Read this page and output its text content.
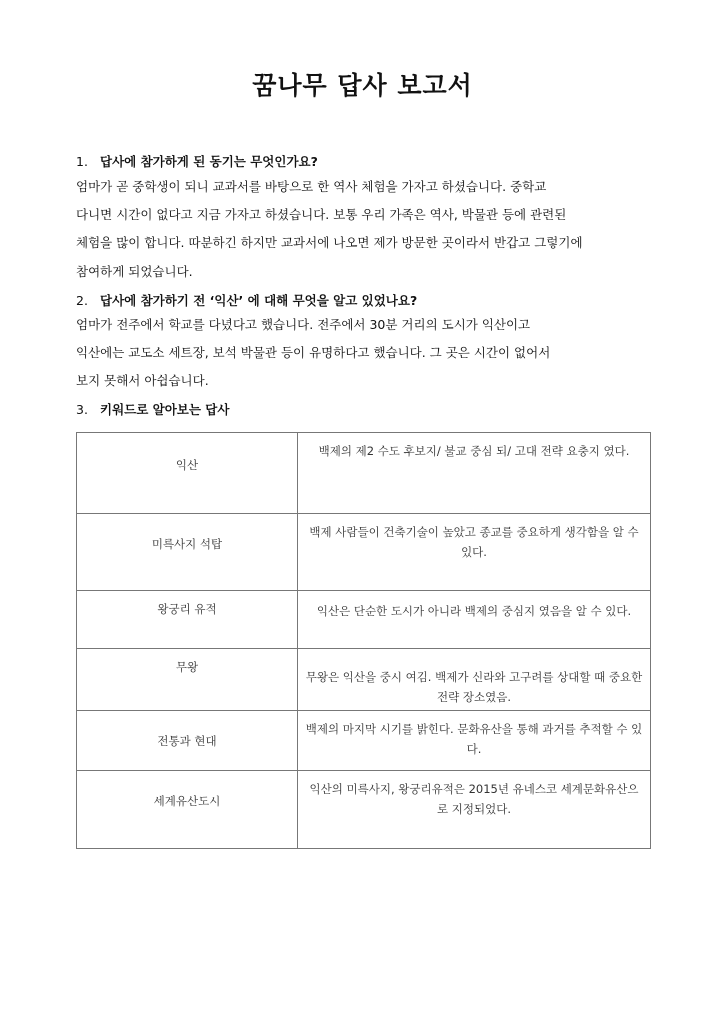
꿈나무 답사 보고서
1. 답사에 참가하게 된 동기는 무엇인가요?
엄마가 곧 중학생이 되니 교과서를 바탕으로 한 역사 체험을 가자고 하셨습니다. 중학교
다니면 시간이 없다고 지금 가자고 하셨습니다. 보통 우리 가족은 역사, 박물관 등에 관련된
체험을 많이 합니다. 따분하긴 하지만 교과서에 나오면 제가 방문한 곳이라서 반갑고 그렇기에
참여하게 되었습니다.
2. 답사에 참가하기 전 ‘익산’ 에 대해 무엇을 알고 있었나요?
엄마가 전주에서 학교를 다녔다고 했습니다. 전주에서 30분 거리의 도시가 익산이고
익산에는 교도소 세트장, 보석 박물관 등이 유명하다고 했습니다. 그 곳은 시간이 없어서
보지 못해서 아쉽습니다.
3. 키워드로 알아보는 답사
익산	백제의 제2 수도 후보지/ 불교 중심 되/ 고대 전략 요충지 였다.
미륵사지 석탑	백제 사람들이 건축기술이 높았고 종교를 중요하게 생각함을 알 수 있다.
왕궁리 유적	익산은 단순한 도시가 아니라 백제의 중심지 였음을 알 수 있다.
무왕	무왕은 익산을 중시 여김. 백제가 신라와 고구려를 상대할 때 중요한 전략 장소였음.
전통과 현대	백제의 마지막 시기를 밝힌다. 문화유산을 통해 과거를 추적할 수 있다.
세계유산도시	익산의 미륵사지, 왕궁리유적은 2015년 유네스코 세계문화유산으로 지정되었다.
